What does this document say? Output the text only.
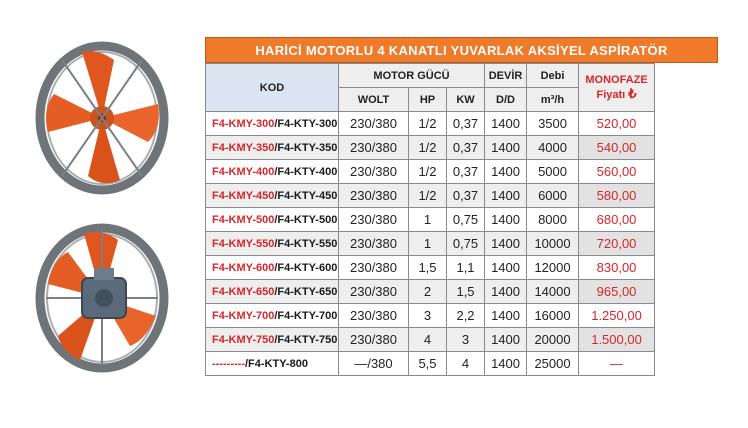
HARİCİ MOTORLU 4 KANATLI YUVARLAK AKSİYEL ASPİRATÖR
KOD	MOTOR GÜCÜ			DEVİR	Debi	MONOFAZE
Fiyatı ₺

	WOLT	HP	KW	D/D	m³/h	
F4-KMY-300/F4-KTY-300	230/380	1/2	0,37	1400	3500	520,00
F4-KMY-350/F4-KTY-350	230/380	1/2	0,37	1400	4000	540,00
F4-KMY-400/F4-KTY-400	230/380	1/2	0,37	1400	5000	560,00
F4-KMY-450/F4-KTY-450	230/380	1/2	0,37	1400	6000	580,00
F4-KMY-500/F4-KTY-500	230/380	1	0,75	1400	8000	680,00
F4-KMY-550/F4-KTY-550	230/380	1	0,75	1400	10000	720,00
F4-KMY-600/F4-KTY-600	230/380	1,5	1,1	1400	12000	830,00
F4-KMY-650/F4-KTY-650	230/380	2	1,5	1400	14000	965,00
F4-KMY-700/F4-KTY-700	230/380	3	2,2	1400	16000	1.250,00
F4-KMY-750/F4-KTY-750	230/380	4	3	1400	20000	1.500,00
---------/F4-KTY-800	—/380	5,5	4	1400	25000	—
